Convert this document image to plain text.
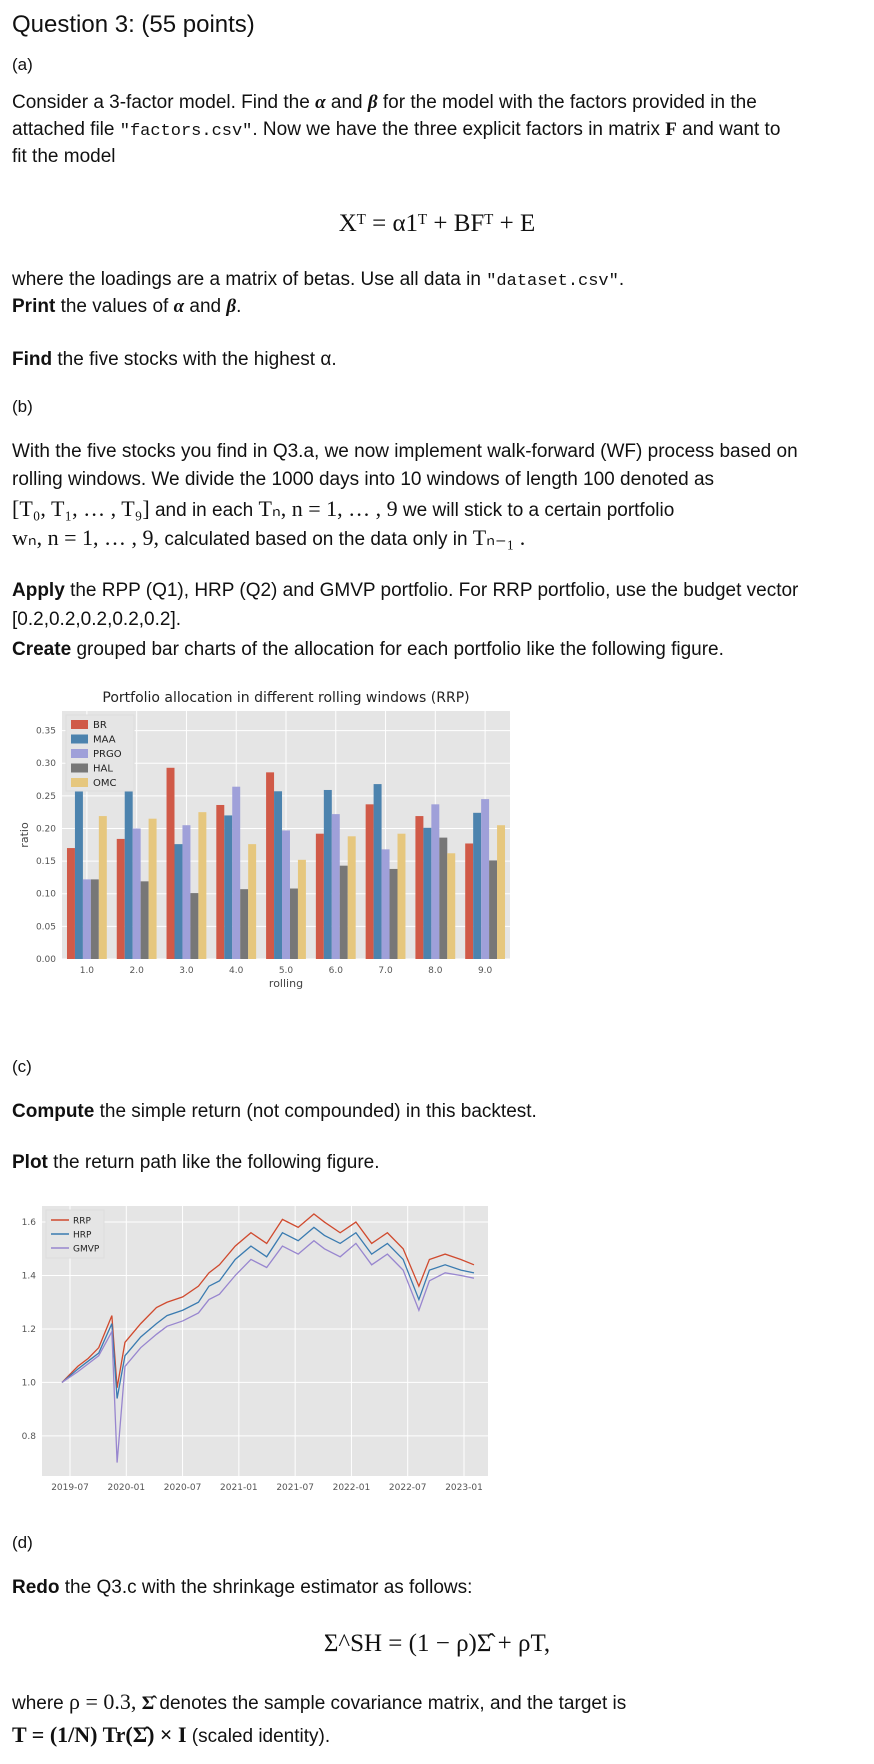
Question 3: (55 points)

(a)

Consider a 3-factor model. Find the α and β for the model with the factors provided in the

attached file "factors.csv". Now we have the three explicit factors in matrix F and want to

fit the model

Xᵀ = α1ᵀ + BFᵀ + E

where the loadings are a matrix of betas. Use all data in "dataset.csv".

Print the values of α and β.

Find the five stocks with the highest α.

(b)

With the five stocks you find in Q3.a, we now implement walk-forward (WF) process based on

rolling windows. We divide the 1000 days into 10 windows of length 100 denoted as

[T₀, T₁, … , T₉] and in each Tₙ, n = 1, … , 9 we will stick to a certain portfolio

wₙ, n = 1, … , 9, calculated based on the data only in Tₙ₋₁ .

Apply the RPP (Q1), HRP (Q2) and GMVP portfolio. For RRP portfolio, use the budget vector

[0.2,0.2,0.2,0.2,0.2].

Create grouped bar charts of the allocation for each portfolio like the following figure.

Portfolio allocation in different rolling windows (RRP)
0.00
0.05
0.10
0.15
0.20
0.25
0.30
0.35
1.0	2.0	3.0	4.0	5.0	6.0	7.0	8.0	9.0
rolling
ratio
BR
MAA
PRGO
HAL
OMC

(c)

Compute the simple return (not compounded) in this backtest.

Plot the return path like the following figure.

0.8
1.0
1.2
1.4
1.6
2019-07 2020-01 2020-07 2021-01 2021-07 2022-01 2022-07 2023-01
RRP
HRP
GMVP

(d)

Redo the Q3.c with the shrinkage estimator as follows:

Σ^SH = (1 − ρ)Σ̂ + ρT,

where ρ = 0.3, Σ̂ denotes the sample covariance matrix, and the target is

T = (1/N) Tr(Σ̂) × I (scaled identity).
